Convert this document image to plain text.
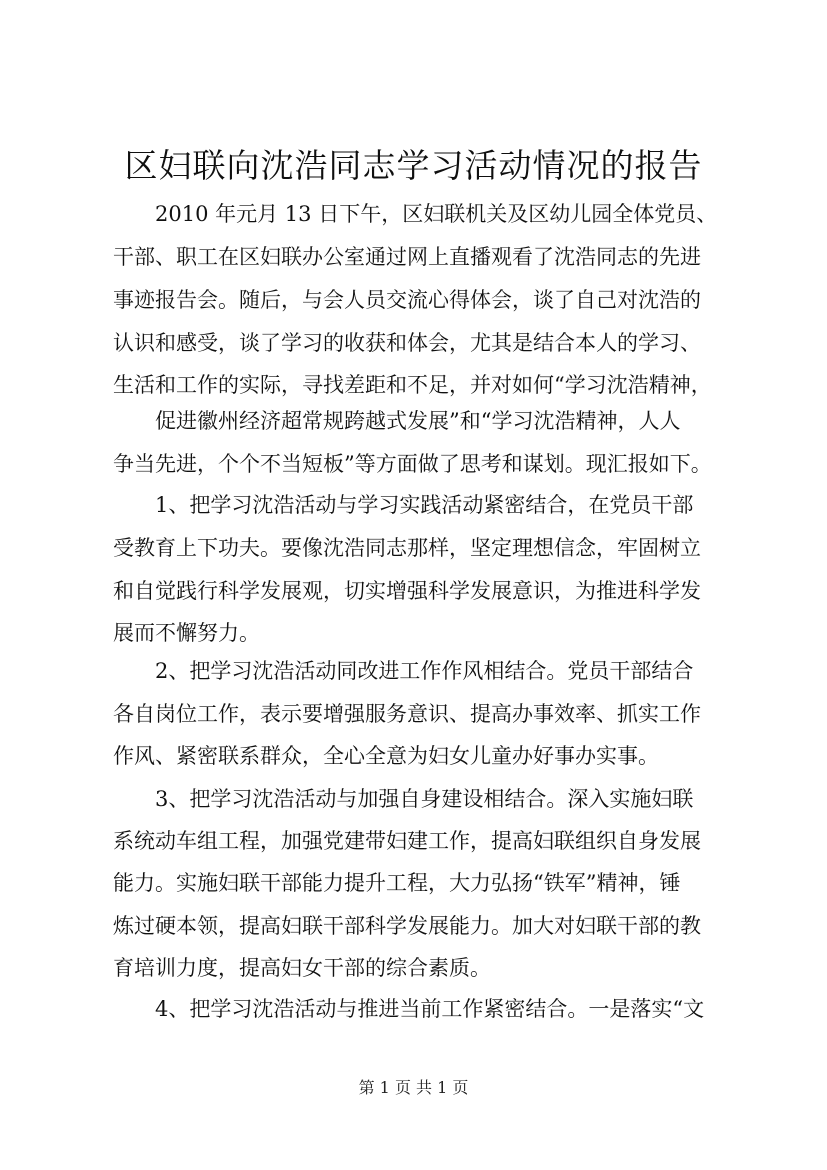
区妇联向沈浩同志学习活动情况的报告
2010 年元月 13 日下午，区妇联机关及区幼儿园全体党员、
干部、职工在区妇联办公室通过网上直播观看了沈浩同志的先进
事迹报告会。随后，与会人员交流心得体会，谈了自己对沈浩的
认识和感受，谈了学习的收获和体会，尤其是结合本人的学习、
生活和工作的实际，寻找差距和不足，并对如何“学习沈浩精神，
促进徽州经济超常规跨越式发展”和“学习沈浩精神，人人
争当先进，个个不当短板”等方面做了思考和谋划。现汇报如下。
1、把学习沈浩活动与学习实践活动紧密结合，在党员干部
受教育上下功夫。要像沈浩同志那样，坚定理想信念，牢固树立
和自觉践行科学发展观，切实增强科学发展意识，为推进科学发
展而不懈努力。
2、把学习沈浩活动同改进工作作风相结合。党员干部结合
各自岗位工作，表示要增强服务意识、提高办事效率、抓实工作
作风、紧密联系群众，全心全意为妇女儿童办好事办实事。
3、把学习沈浩活动与加强自身建设相结合。深入实施妇联
系统动车组工程，加强党建带妇建工作，提高妇联组织自身发展
能力。实施妇联干部能力提升工程，大力弘扬“铁军”精神，锤
炼过硬本领，提高妇联干部科学发展能力。加大对妇联干部的教
育培训力度，提高妇女干部的综合素质。
4、把学习沈浩活动与推进当前工作紧密结合。一是落实“文
第 1 页 共 1 页
